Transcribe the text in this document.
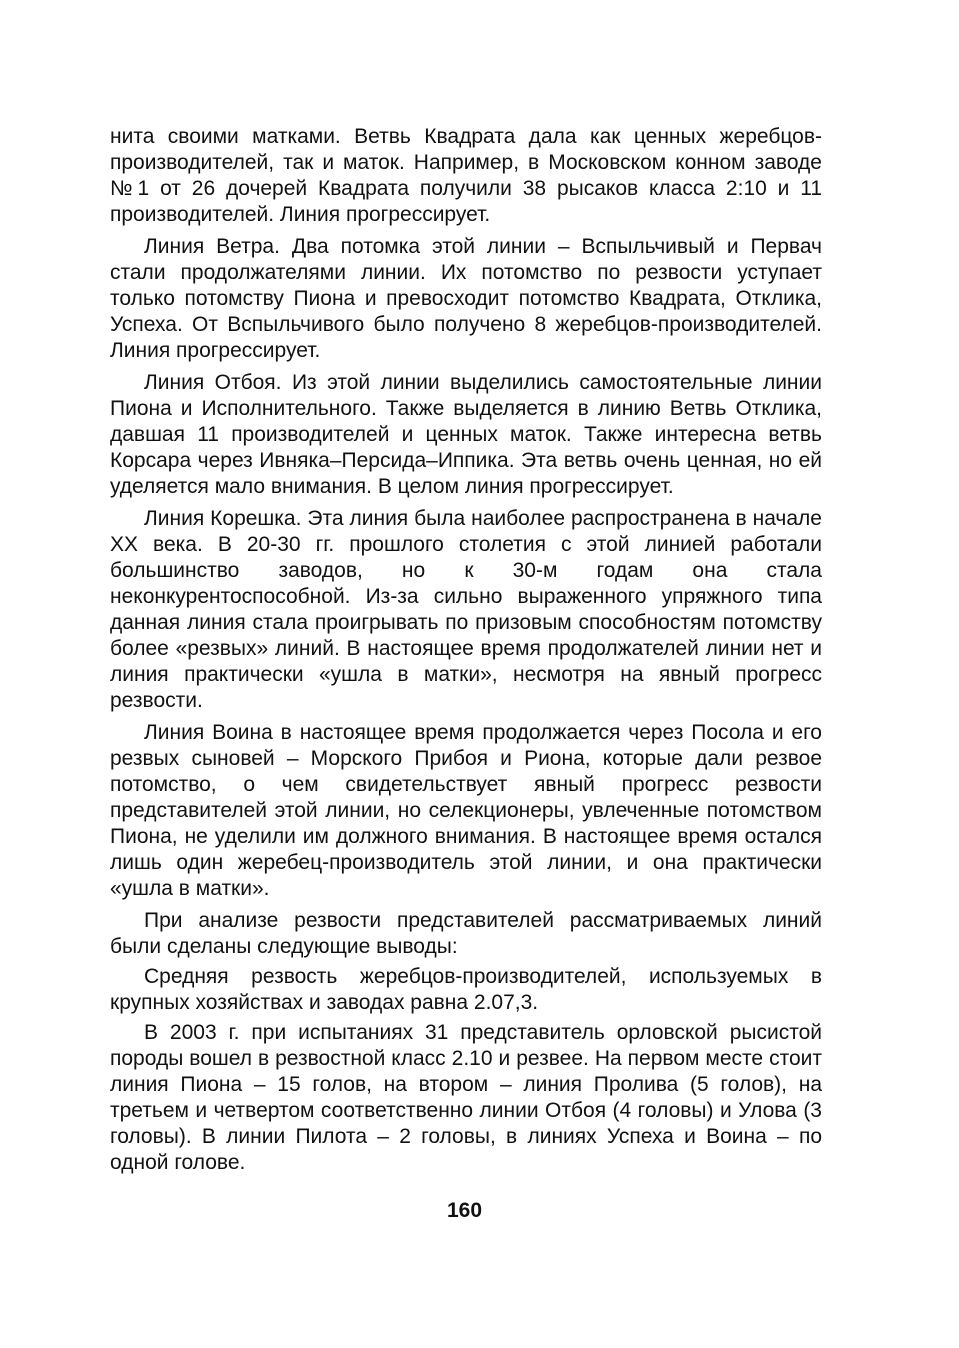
нита своими матками. Ветвь Квадрата дала как ценных жеребцов-производителей, так и маток. Например, в Московском конном заводе №1 от 26 дочерей Квадрата получили 38 рысаков класса 2:10 и 11 производителей. Линия прогрессирует.

Линия Ветра. Два потомка этой линии – Вспыльчивый и Первач стали продолжателями линии. Их потомство по резвости уступает только потомству Пиона и превосходит потомство Квадрата, Отклика, Успеха. От Вспыльчивого было получено 8 жеребцов-производителей. Линия прогрессирует.

Линия Отбоя. Из этой линии выделились самостоятельные линии Пиона и Исполнительного. Также выделяется в линию Ветвь Отклика, давшая 11 производителей и ценных маток. Также интересна ветвь Корсара через Ивняка–Персида–Иппика. Эта ветвь очень ценная, но ей уделяется мало внимания. В целом линия прогрессирует.

Линия Корешка. Эта линия была наиболее распространена в начале XX века. В 20-30 гг. прошлого столетия с этой линией работали большинство заводов, но к 30-м годам она стала неконкурентоспособной. Из-за сильно выраженного упряжного типа данная линия стала проигрывать по призовым способностям потомству более «резвых» линий. В настоящее время продолжателей линии нет и линия практически «ушла в матки», несмотря на явный прогресс резвости.

Линия Воина в настоящее время продолжается через Посола и его резвых сыновей – Морского Прибоя и Риона, которые дали резвое потомство, о чем свидетельствует явный прогресс резвости представителей этой линии, но селекционеры, увлеченные потомством Пиона, не уделили им должного внимания. В настоящее время остался лишь один жеребец-производитель этой линии, и она практически «ушла в матки».

При анализе резвости представителей рассматриваемых линий были сделаны следующие выводы:

Средняя резвость жеребцов-производителей, используемых в крупных хозяйствах и заводах равна 2.07,3.

В 2003 г. при испытаниях 31 представитель орловской рысистой породы вошел в резвостной класс 2.10 и резвее. На первом месте стоит линия Пиона – 15 голов, на втором – линия Пролива (5 голов), на третьем и четвертом соответственно линии Отбоя (4 головы) и Улова (3 головы). В линии Пилота – 2 головы, в линиях Успеха и Воина – по одной голове.

160
